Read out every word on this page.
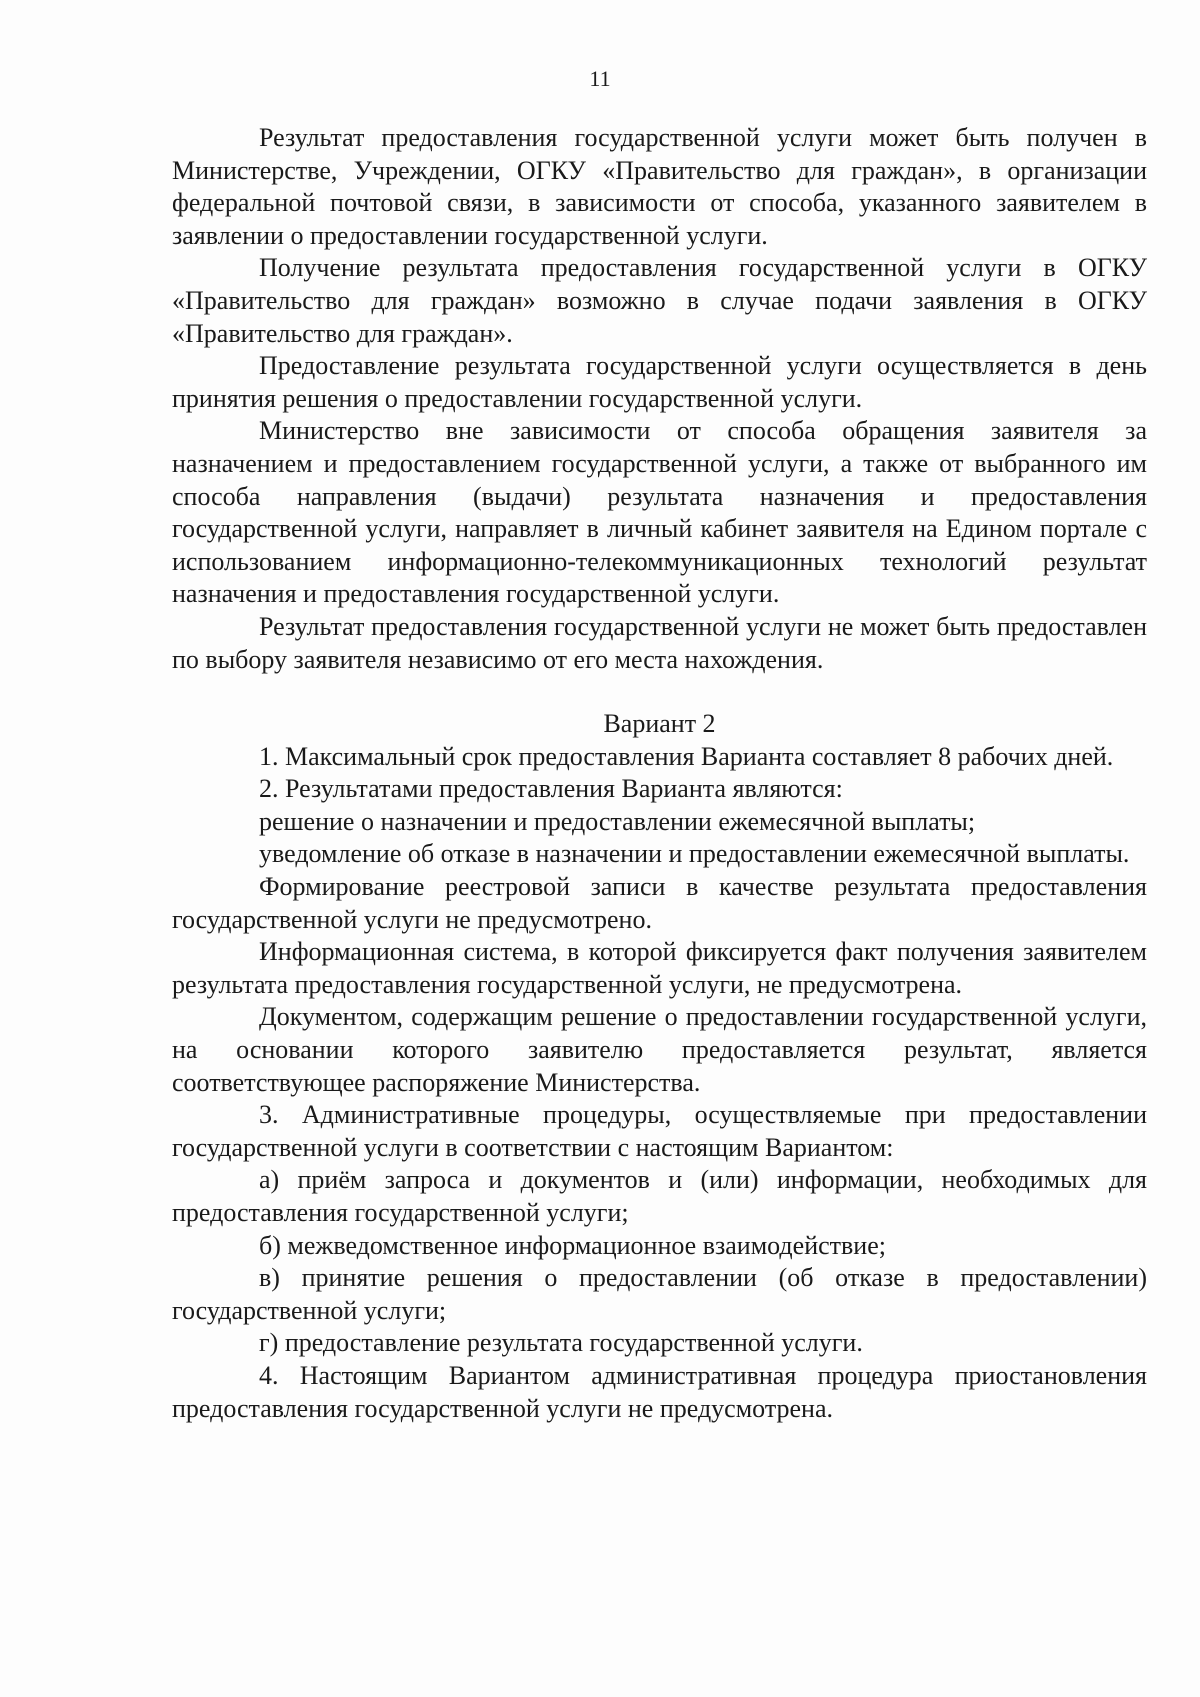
11

Результат предоставления государственной услуги может быть получен в Министерстве, Учреждении, ОГКУ «Правительство для граждан», в организации федеральной почтовой связи, в зависимости от способа, указанного заявителем в заявлении о предоставлении государственной услуги.

Получение результата предоставления государственной услуги в ОГКУ «Правительство для граждан» возможно в случае подачи заявления в ОГКУ «Правительство для граждан».

Предоставление результата государственной услуги осуществляется в день принятия решения о предоставлении государственной услуги.

Министерство вне зависимости от способа обращения заявителя за назначением и предоставлением государственной услуги, а также от выбранного им способа направления (выдачи) результата назначения и предоставления государственной услуги, направляет в личный кабинет заявителя на Едином портале с использованием информационно-телекоммуникационных технологий результат назначения и предоставления государственной услуги.

Результат предоставления государственной услуги не может быть предоставлен по выбору заявителя независимо от его места нахождения.

Вариант 2

1. Максимальный срок предоставления Варианта составляет 8 рабочих дней.

2. Результатами предоставления Варианта являются:

решение о назначении и предоставлении ежемесячной выплаты;

уведомление об отказе в назначении и предоставлении ежемесячной выплаты.

Формирование реестровой записи в качестве результата предоставления государственной услуги не предусмотрено.

Информационная система, в которой фиксируется факт получения заявителем результата предоставления государственной услуги, не предусмотрена.

Документом, содержащим решение о предоставлении государственной услуги, на основании которого заявителю предоставляется результат, является соответствующее распоряжение Министерства.

3. Административные процедуры, осуществляемые при предоставлении государственной услуги в соответствии с настоящим Вариантом:

а) приём запроса и документов и (или) информации, необходимых для предоставления государственной услуги;

б) межведомственное информационное взаимодействие;

в) принятие решения о предоставлении (об отказе в предоставлении) государственной услуги;

г) предоставление результата государственной услуги.

4. Настоящим Вариантом административная процедура приостановления предоставления государственной услуги не предусмотрена.
